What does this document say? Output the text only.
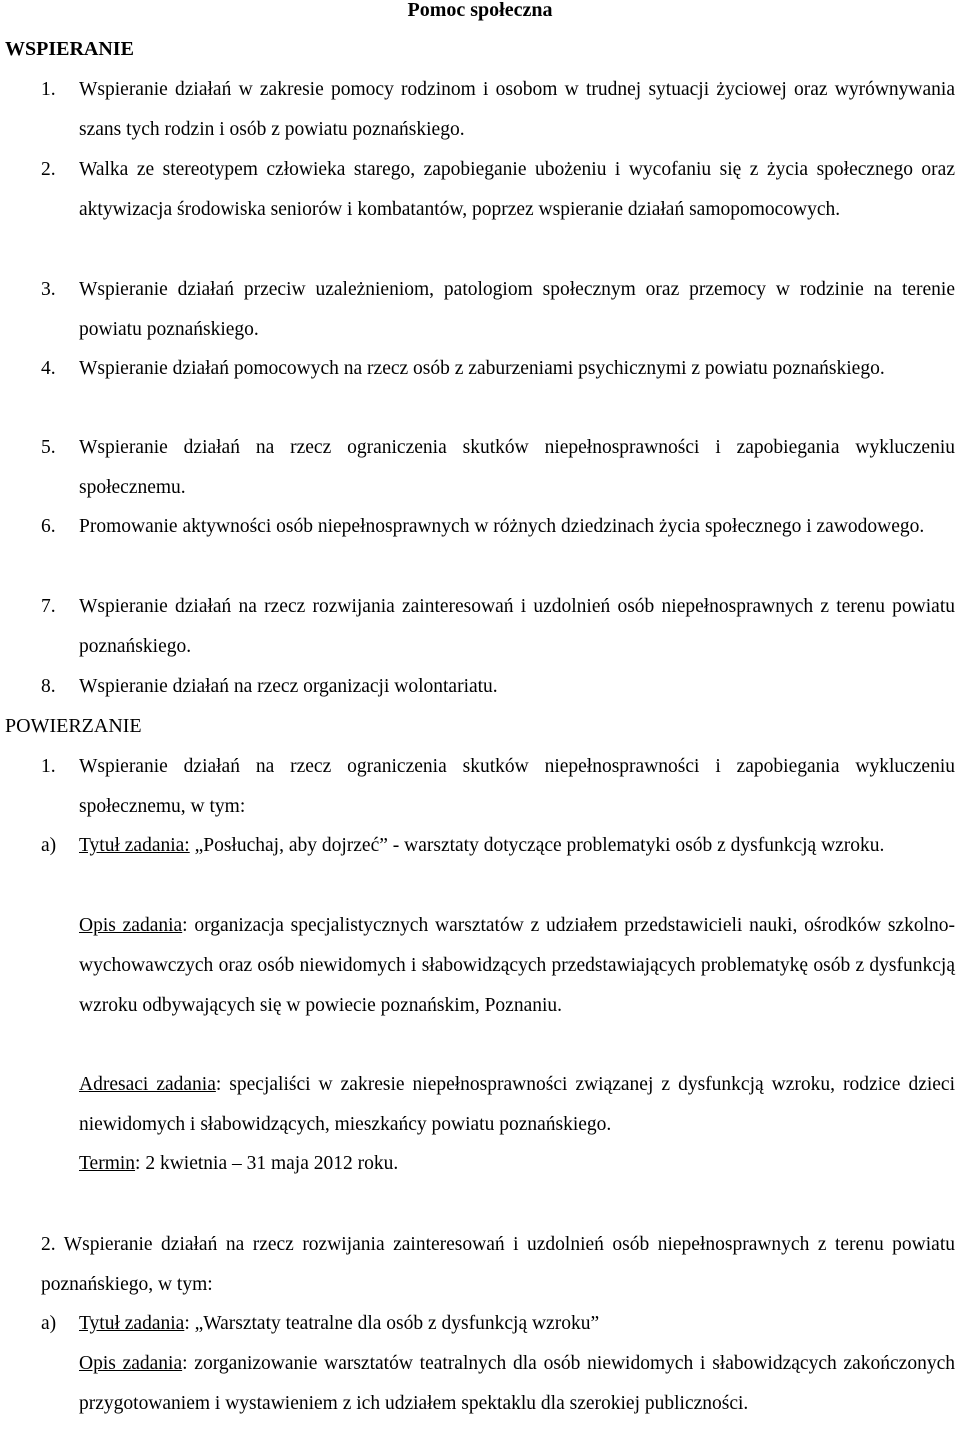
Pomoc społeczna
WSPIERANIE
1. Wspieranie działań w zakresie pomocy rodzinom i osobom w trudnej sytuacji życiowej oraz wyrównywania szans tych rodzin i osób z powiatu poznańskiego.
2. Walka ze stereotypem człowieka starego, zapobieganie ubożeniu i wycofaniu się z życia społecznego oraz aktywizacja środowiska seniorów i kombatantów, poprzez wspieranie działań samopomocowych.
3. Wspieranie działań przeciw uzależnieniom, patologiom społecznym oraz przemocy w rodzinie na terenie powiatu poznańskiego.
4. Wspieranie działań pomocowych na rzecz osób z zaburzeniami psychicznymi z powiatu poznańskiego.
5. Wspieranie działań na rzecz ograniczenia skutków niepełnosprawności i zapobiegania wykluczeniu społecznemu.
6. Promowanie aktywności osób niepełnosprawnych w różnych dziedzinach życia społecznego i zawodowego.
7. Wspieranie działań na rzecz rozwijania zainteresowań i uzdolnień osób niepełnosprawnych z terenu powiatu poznańskiego.
8. Wspieranie działań na rzecz organizacji wolontariatu.
POWIERZANIE
1. Wspieranie działań na rzecz ograniczenia skutków niepełnosprawności i zapobiegania wykluczeniu społecznemu, w tym:
a) Tytuł zadania: „Posłuchaj, aby dojrzeć” - warsztaty dotyczące problematyki osób z dysfunkcją wzroku.
Opis zadania: organizacja specjalistycznych warsztatów z udziałem przedstawicieli nauki, ośrodków szkolno-wychowawczych oraz osób niewidomych i słabowidzących przedstawiających problematykę osób z dysfunkcją wzroku odbywających się w powiecie poznańskim, Poznaniu.
Adresaci zadania: specjaliści w zakresie niepełnosprawności związanej z dysfunkcją wzroku, rodzice dzieci niewidomych i słabowidzących, mieszkańcy powiatu poznańskiego.
Termin: 2 kwietnia – 31 maja 2012 roku.
2. Wspieranie działań na rzecz rozwijania zainteresowań i uzdolnień osób niepełnosprawnych z terenu powiatu poznańskiego, w tym:
a) Tytuł zadania: „Warsztaty teatralne dla osób z dysfunkcją wzroku”
Opis zadania: zorganizowanie warsztatów teatralnych dla osób niewidomych i słabowidzących zakończonych przygotowaniem i wystawieniem z ich udziałem spektaklu dla szerokiej publiczności.
